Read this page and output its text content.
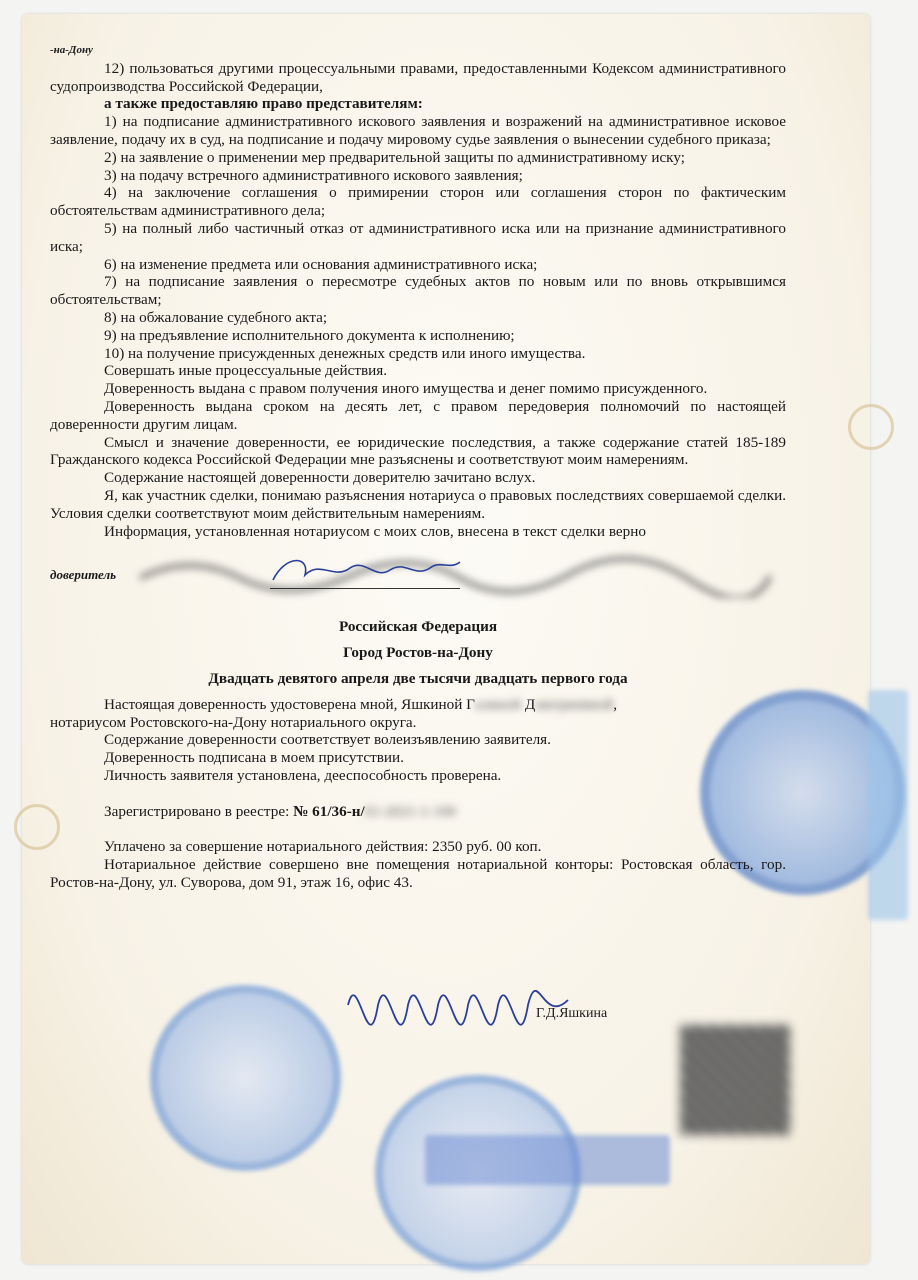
-на-Дону

12) пользоваться другими процессуальными правами, предоставленными Кодексом административного судопроизводства Российской Федерации,

а также предоставляю право представителям:

1) на подписание административного искового заявления и возражений на административное исковое заявление, подачу их в суд, на подписание и подачу мировому судье заявления о вынесении судебного приказа;

2) на заявление о применении мер предварительной защиты по административному иску;

3) на подачу встречного административного искового заявления;

4) на заключение соглашения о примирении сторон или соглашения сторон по фактическим обстоятельствам административного дела;

5) на полный либо частичный отказ от административного иска или на признание административного иска;

6) на изменение предмета или основания административного иска;

7) на подписание заявления о пересмотре судебных актов по новым или по вновь открывшимся обстоятельствам;

8) на обжалование судебного акта;

9) на предъявление исполнительного документа к исполнению;

10) на получение присужденных денежных средств или иного имущества.

Совершать иные процессуальные действия.

Доверенность выдана с правом получения иного имущества и денег помимо присужденного.

Доверенность выдана сроком на десять лет, с правом передоверия полномочий по настоящей доверенности другим лицам.

Смысл и значение доверенности, ее юридические последствия, а также содержание статей 185-189 Гражданского кодекса Российской Федерации мне разъяснены и соответствуют моим намерениям.

Содержание настоящей доверенности доверителю зачитано вслух.

Я, как участник сделки, понимаю разъяснения нотариуса о правовых последствиях совершаемой сделки. Условия сделки соответствуют моим действительным намерениям.

Информация, установленная нотариусом с моих слов, внесена в текст сделки верно

доверитель

Российская Федерация

Город Ростов-на-Дону

Двадцать девятого апреля две тысячи двадцать первого года

Настоящая доверенность удостоверена мной, Яшкиной Галиной Дмитриевной,

нотариусом Ростовского-на-Дону нотариального округа.

Содержание доверенности соответствует волеизъявлению заявителя.

Доверенность подписана в моем присутствии.

Личность заявителя установлена, дееспособность проверена.

Зарегистрировано в реестре: № 61/36-н/61-2021-1-100

Уплачено за совершение нотариального действия: 2350 руб. 00 коп.

Нотариальное действие совершено вне помещения нотариальной конторы: Ростовская область, гор. Ростов-на-Дону, ул. Суворова, дом 91, этаж 16, офис 43.

Г.Д.Яшкина
